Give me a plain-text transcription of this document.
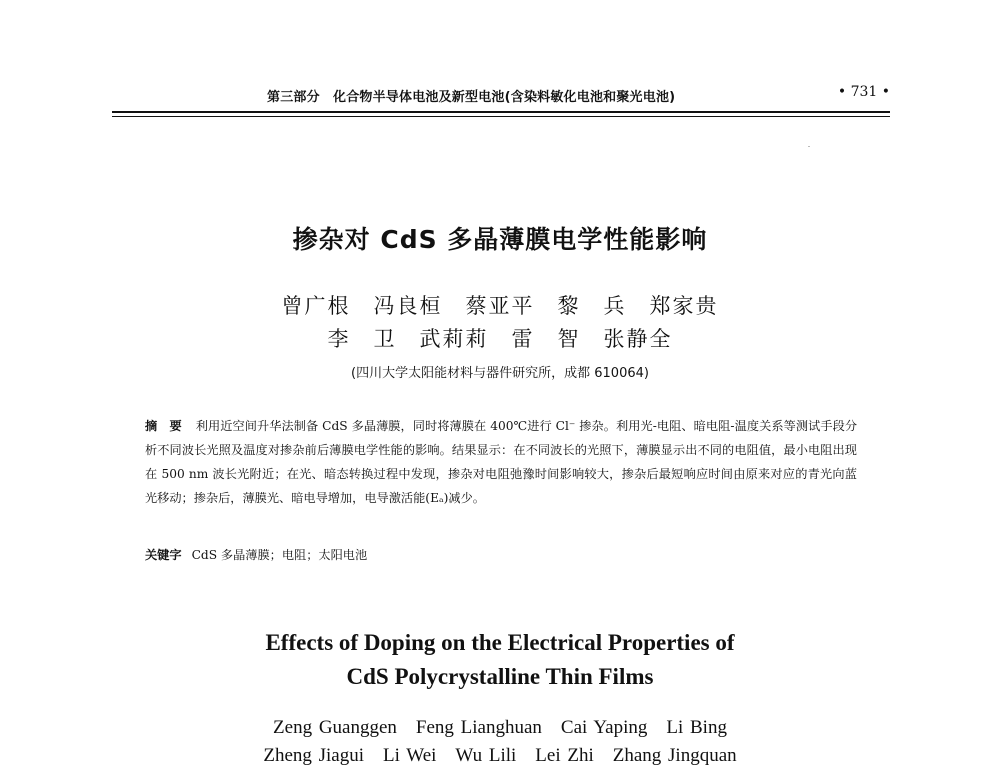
第三部分　化合物半导体电池及新型电池(含染料敏化电池和聚光电池)	• 731 •
掺杂对 CdS 多晶薄膜电学性能影响
曾广根　冯良桓　蔡亚平　黎　兵　郑家贵
李　卫　武莉莉　雷　智　张静全
(四川大学太阳能材料与器件研究所，成都 610064)
摘　要 利用近空间升华法制备 CdS 多晶薄膜，同时将薄膜在 400℃进行 Cl⁻ 掺杂。利用光-电阻、暗电阻-温度关系等测试手段分析不同波长光照及温度对掺杂前后薄膜电学性能的影响。结果显示：在不同波长的光照下，薄膜显示出不同的电阻值，最小电阻出现在 500 nm 波长光附近；在光、暗态转换过程中发现，掺杂对电阻弛豫时间影响较大，掺杂后最短响应时间由原来对应的青光向蓝光移动；掺杂后，薄膜光、暗电导增加，电导激活能(Eₐ)减少。
关键字 CdS 多晶薄膜；电阻；太阳电池
Effects of Doping on the Electrical Properties of
CdS Polycrystalline Thin Films
Zeng Guanggen　Feng Lianghuan　Cai Yaping　Li Bing
Zheng Jiagui　Li Wei　Wu Lili　Lei Zhi　Zhang Jingquan
